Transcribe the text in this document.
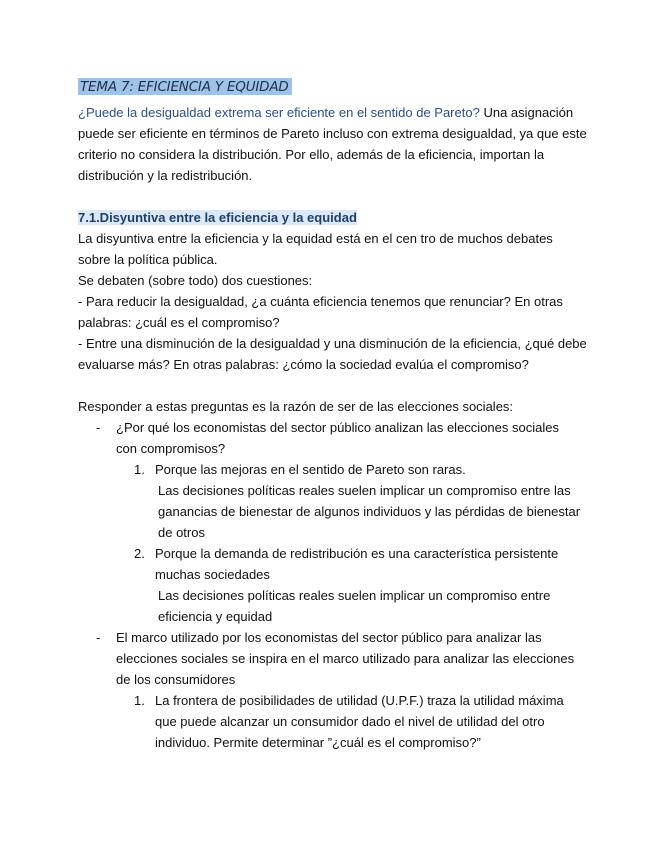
TEMA 7: EFICIENCIA Y EQUIDAD

¿Puede la desigualdad extrema ser eficiente en el sentido de Pareto? Una asignación puede ser eficiente en términos de Pareto incluso con extrema desigualdad, ya que este criterio no considera la distribución. Por ello, además de la eficiencia, importan la distribución y la redistribución.

7.1.Disyuntiva entre la eficiencia y la equidad

La disyuntiva entre la eficiencia y la equidad está en el cen tro de muchos debates sobre la política pública.

Se debaten (sobre todo) dos cuestiones:

- Para reducir la desigualdad, ¿a cuánta eficiencia tenemos que renunciar? En otras palabras: ¿cuál es el compromiso?

- Entre una disminución de la desigualdad y una disminución de la eficiencia, ¿qué debe evaluarse más? En otras palabras: ¿cómo la sociedad evalúa el compromiso?

Responder a estas preguntas es la razón de ser de las elecciones sociales:

- ¿Por qué los economistas del sector público analizan las elecciones sociales con compromisos?

1. Porque las mejoras en el sentido de Pareto son raras.

Las decisiones políticas reales suelen implicar un compromiso entre las ganancias de bienestar de algunos individuos y las pérdidas de bienestar de otros

2. Porque la demanda de redistribución es una característica persistente muchas sociedades

Las decisiones políticas reales suelen implicar un compromiso entre eficiencia y equidad

- El marco utilizado por los economistas del sector público para analizar las elecciones sociales se inspira en el marco utilizado para analizar las elecciones de los consumidores

1. La frontera de posibilidades de utilidad (U.P.F.) traza la utilidad máxima que puede alcanzar un consumidor dado el nivel de utilidad del otro individuo. Permite determinar ”¿cuál es el compromiso?”
